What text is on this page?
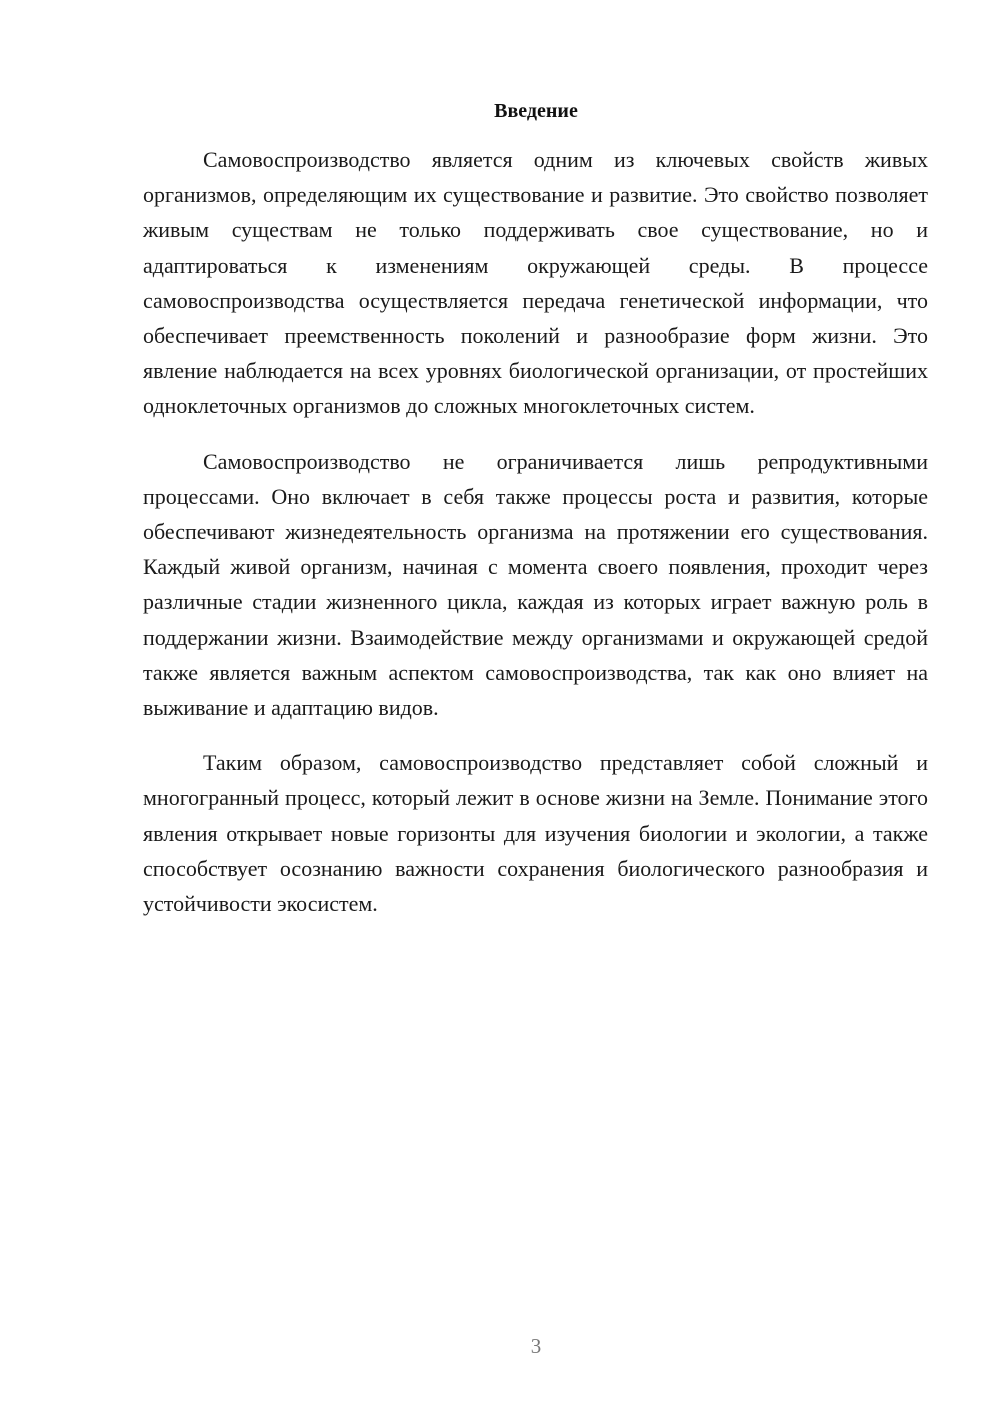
Введение

Самовоспроизводство является одним из ключевых свойств живых организмов, определяющим их существование и развитие. Это свойство позволяет живым существам не только поддерживать свое существование, но и адаптироваться к изменениям окружающей среды. В процессе самовоспроизводства осуществляется передача генетической информации, что обеспечивает преемственность поколений и разнообразие форм жизни. Это явление наблюдается на всех уровнях биологической организации, от простейших одноклеточных организмов до сложных многоклеточных систем.

Самовоспроизводство не ограничивается лишь репродуктивными процессами. Оно включает в себя также процессы роста и развития, которые обеспечивают жизнедеятельность организма на протяжении его существования. Каждый живой организм, начиная с момента своего появления, проходит через различные стадии жизненного цикла, каждая из которых играет важную роль в поддержании жизни. Взаимодействие между организмами и окружающей средой также является важным аспектом самовоспроизводства, так как оно влияет на выживание и адаптацию видов.

Таким образом, самовоспроизводство представляет собой сложный и многогранный процесс, который лежит в основе жизни на Земле. Понимание этого явления открывает новые горизонты для изучения биологии и экологии, а также способствует осознанию важности сохранения биологического разнообразия и устойчивости экосистем.

3
